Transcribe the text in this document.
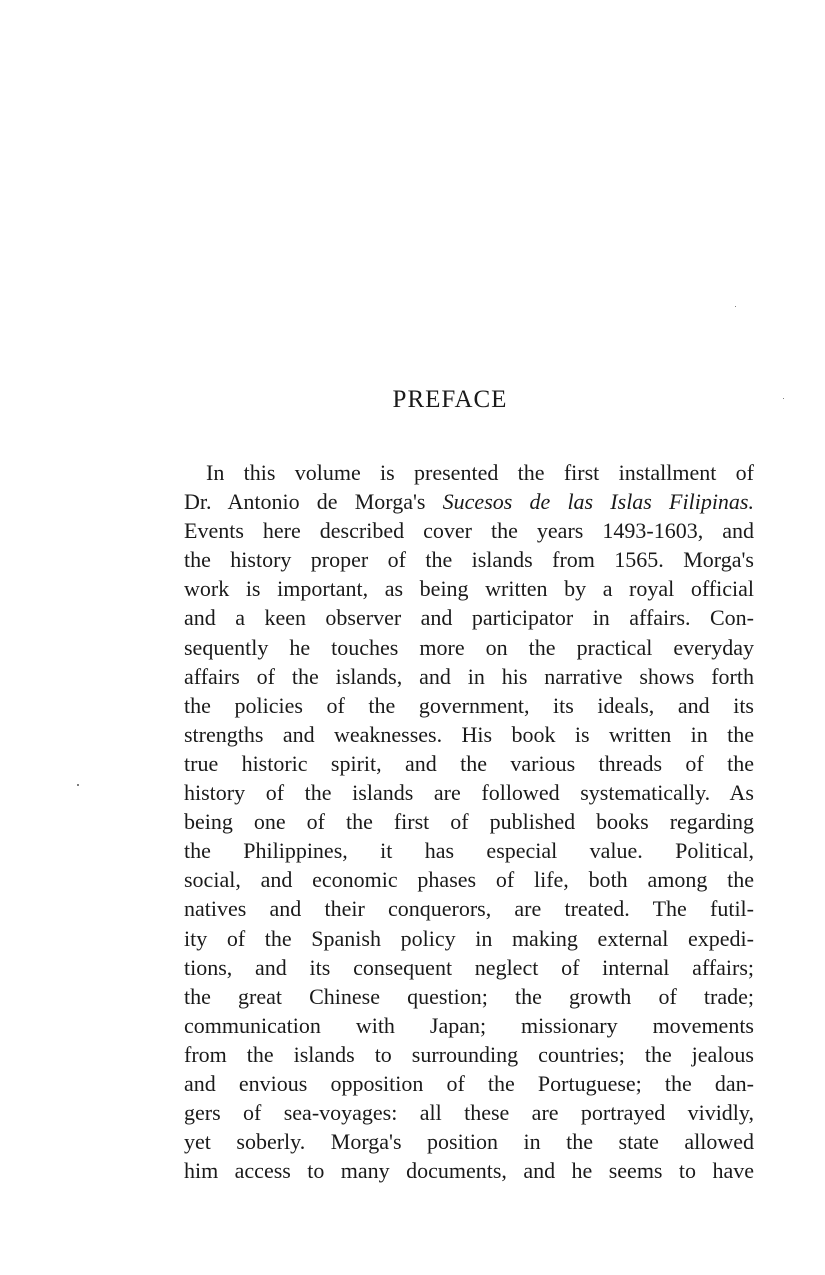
PREFACE
In this volume is presented the first installment of
Dr. Antonio de Morga's Sucesos de las Islas Filipinas.
Events here described cover the years 1493-1603, and
the history proper of the islands from 1565. Morga's
work is important, as being written by a royal official
and a keen observer and participator in affairs. Con-
sequently he touches more on the practical everyday
affairs of the islands, and in his narrative shows forth
the policies of the government, its ideals, and its
strengths and weaknesses. His book is written in the
true historic spirit, and the various threads of the
history of the islands are followed systematically. As
being one of the first of published books regarding
the Philippines, it has especial value. Political,
social, and economic phases of life, both among the
natives and their conquerors, are treated. The futil-
ity of the Spanish policy in making external expedi-
tions, and its consequent neglect of internal affairs;
the great Chinese question; the growth of trade;
communication with Japan; missionary movements
from the islands to surrounding countries; the jealous
and envious opposition of the Portuguese; the dan-
gers of sea-voyages: all these are portrayed vividly,
yet soberly. Morga's position in the state allowed
him access to many documents, and he seems to have
